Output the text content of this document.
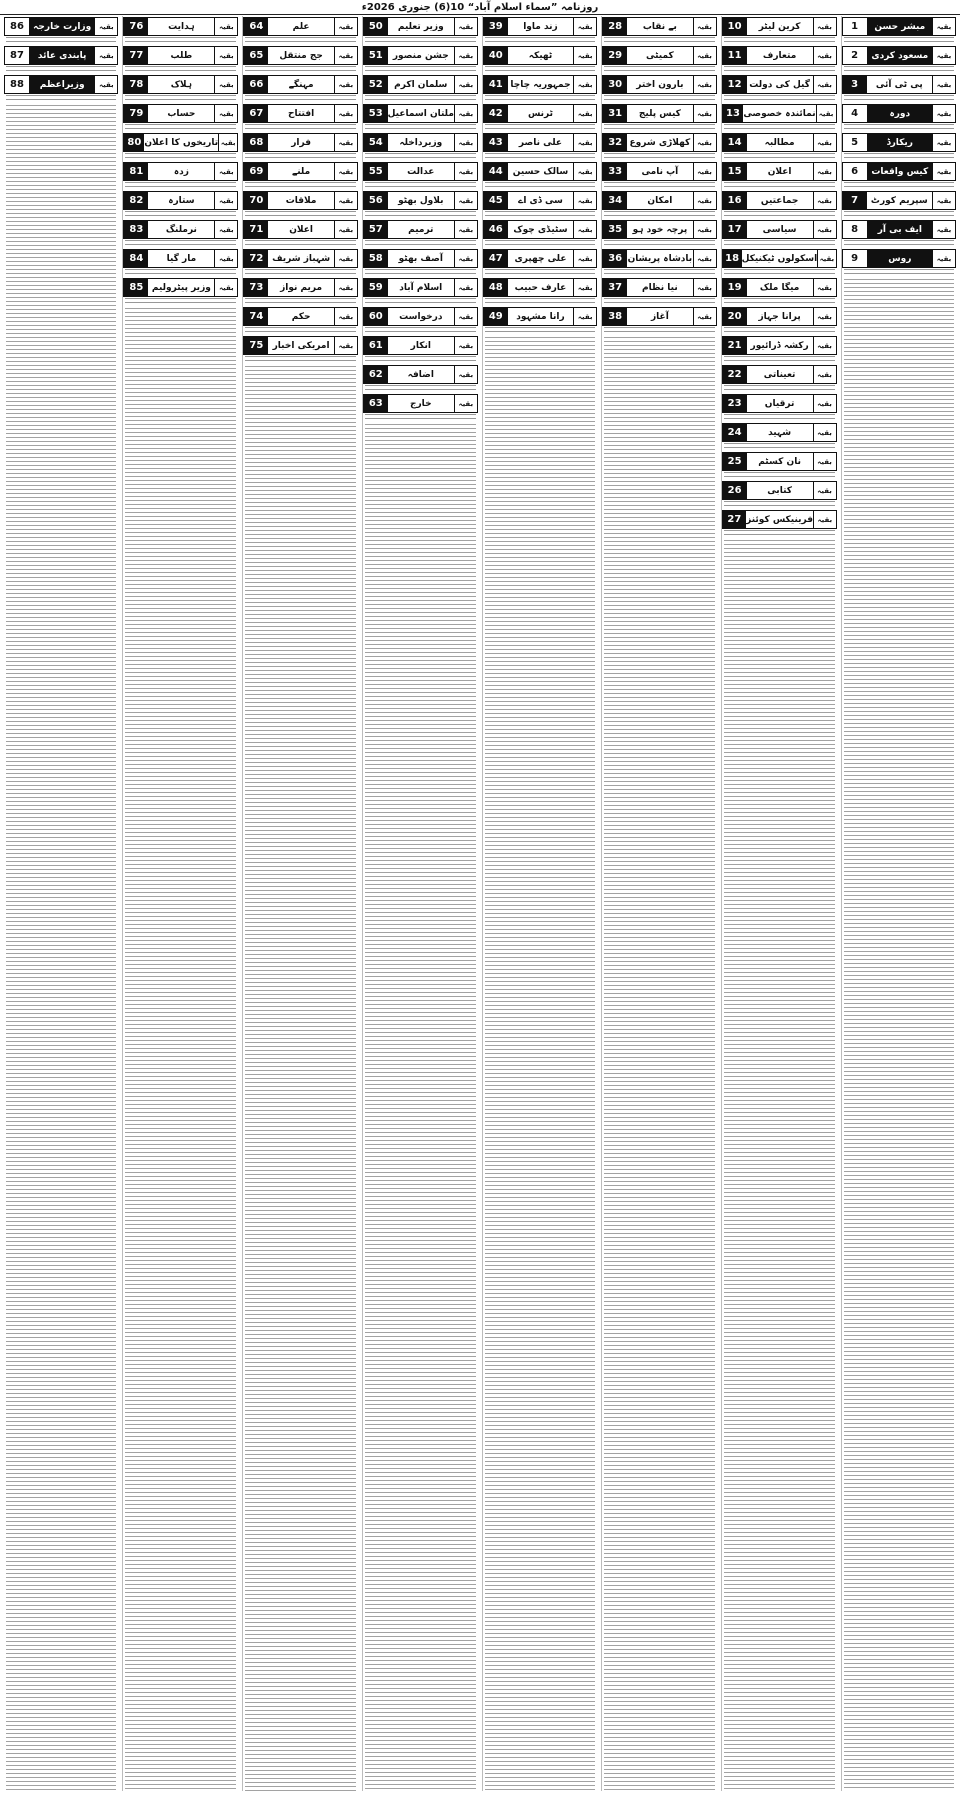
روزنامہ ”سماء اسلام آباد“ 10(6) جنوری 2026ء
1	مبشر حسن	بقیہ
2	مسعود کردی	بقیہ
3	پی ٹی آئی	بقیہ
4	دورہ	بقیہ
5	ریکارڈ	بقیہ
6	کیس واقعات	بقیہ
7	سپریم کورٹ	بقیہ
8	ایف بی آر	بقیہ
9	روس	بقیہ
10	کرین لیٹر	بقیہ
11	متعارف	بقیہ
12 گیل کی دولت	بقیہ
13 نمائندہ خصوصی بقیہ
14	مطالبہ	بقیہ
15	اعلان	بقیہ
16	جماعتیں	بقیہ
17	سیاسی	بقیہ
18 اسکولوں ٹیکنیکل بقیہ
19	میگا ملک	بقیہ
20	پرانا جہاز	بقیہ
21 رکشہ ڈرائیور	بقیہ
22	تعیناتی	بقیہ
23	ترقیاں	بقیہ
24	شہید	بقیہ
25	نان کسٹم	بقیہ
26	کتابی	بقیہ
27 فرینیکس کوئنز بقیہ
28	بے نقاب	بقیہ
29	کمیٹی	بقیہ
30	بارون اختر	بقیہ
31	کیس پلیج	بقیہ
32 کھلاڑی شروع	بقیہ
33	آپ نامی	بقیہ
34	امکان	بقیہ
35	پرچہ خود ہو	بقیہ
36 بادشاہ پریشان بقیہ
37	نیا نظام	بقیہ
38	آغاز	بقیہ
39	زند ماوا	بقیہ
40	ٹھیکہ	بقیہ
41 جمہوریہ چاچا	بقیہ
42	ٹرنس	بقیہ
43	علی ناصر	بقیہ
44	سالک حسین	بقیہ
45	سی ڈی اے	بقیہ
46	سٹیڈی چوک	بقیہ
47	علی چھپری	بقیہ
48	عارف حبیب	بقیہ
49	رانا مشہود	بقیہ
50	وزیر تعلیم	بقیہ
51	جشن منصور	بقیہ
52	سلمان اکرم	بقیہ
53 ملتان اسماعیل بقیہ
54	وزیرداخلہ	بقیہ
55	عدالت	بقیہ
56	بلاول بھٹو	بقیہ
57	ترمیم	بقیہ
58	آصف بھٹو	بقیہ
59	اسلام آباد	بقیہ
60	درخواست	بقیہ
61	انکار	بقیہ
62	اضافہ	بقیہ
63	خارج	بقیہ
64	علم	بقیہ
65	جج منتقل	بقیہ
66	مہنگے	بقیہ
67	افتتاح	بقیہ
68	فرار	بقیہ
69	ملنے	بقیہ
70	ملاقات	بقیہ
71	اعلان	بقیہ
72 شہباز شریف	بقیہ
73	مریم نواز	بقیہ
74	حکم	بقیہ
75	امریکی اخبار	بقیہ
76	ہدایت	بقیہ
77	طلب	بقیہ
78	ہلاک	بقیہ
79	حساب	بقیہ
80 تاریخوں کا اعلان بقیہ
81	زدہ	بقیہ
82	ستارہ	بقیہ
83	نرملنگ	بقیہ
84	مار گیا	بقیہ
85 وزیر پیٹرولیم	بقیہ
86	وزارت خارجہ	بقیہ
87	پابندی عائد	بقیہ
88	وزیراعظم	بقیہ
